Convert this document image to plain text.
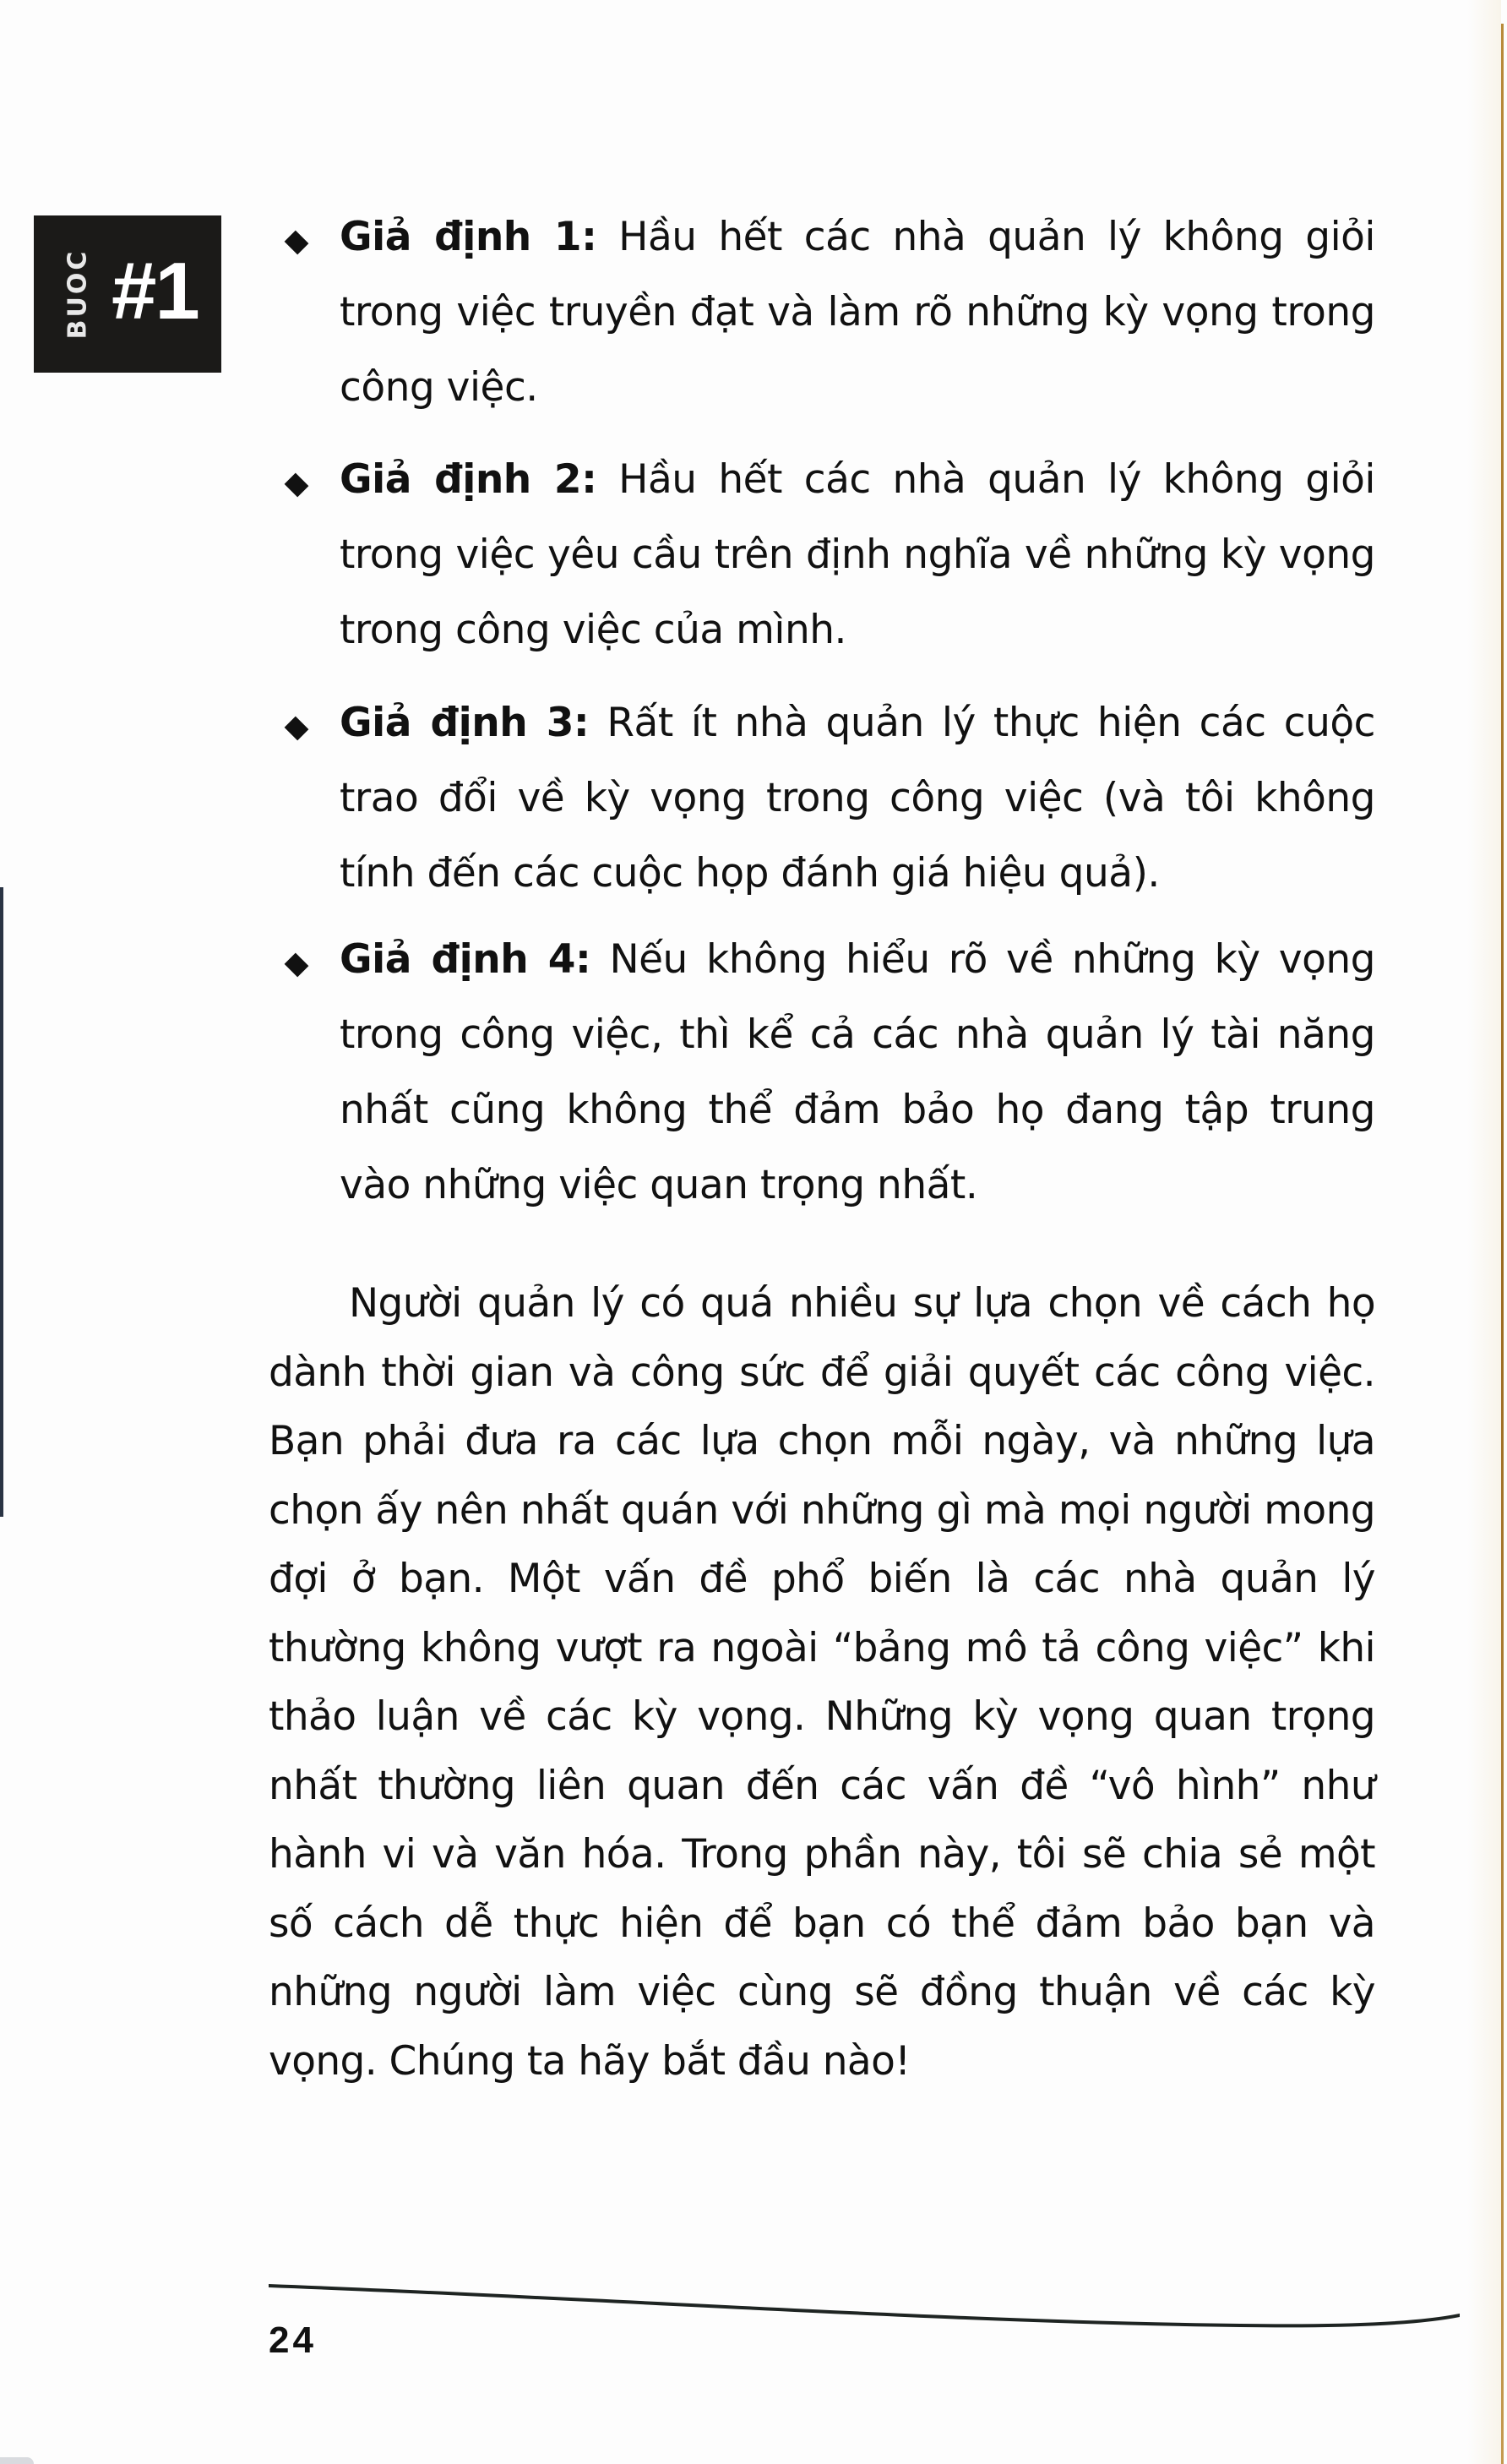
BUOC #1
Giả định 1: Hầu hết các nhà quản lý không giỏi trong việc truyền đạt và làm rõ những kỳ vọng trong công việc.
Giả định 2: Hầu hết các nhà quản lý không giỏi trong việc yêu cầu trên định nghĩa về những kỳ vọng trong công việc của mình.
Giả định 3: Rất ít nhà quản lý thực hiện các cuộc trao đổi về kỳ vọng trong công việc (và tôi không tính đến các cuộc họp đánh giá hiệu quả).
Giả định 4: Nếu không hiểu rõ về những kỳ vọng trong công việc, thì kể cả các nhà quản lý tài năng nhất cũng không thể đảm bảo họ đang tập trung vào những việc quan trọng nhất.

Người quản lý có quá nhiều sự lựa chọn về cách họ dành thời gian và công sức để giải quyết các công việc. Bạn phải đưa ra các lựa chọn mỗi ngày, và những lựa chọn ấy nên nhất quán với những gì mà mọi người mong đợi ở bạn. Một vấn đề phổ biến là các nhà quản lý thường không vượt ra ngoài “bảng mô tả công việc” khi thảo luận về các kỳ vọng. Những kỳ vọng quan trọng nhất thường liên quan đến các vấn đề “vô hình” như hành vi và văn hóa. Trong phần này, tôi sẽ chia sẻ một số cách dễ thực hiện để bạn có thể đảm bảo bạn và những người làm việc cùng sẽ đồng thuận về các kỳ vọng. Chúng ta hãy bắt đầu nào!

24
